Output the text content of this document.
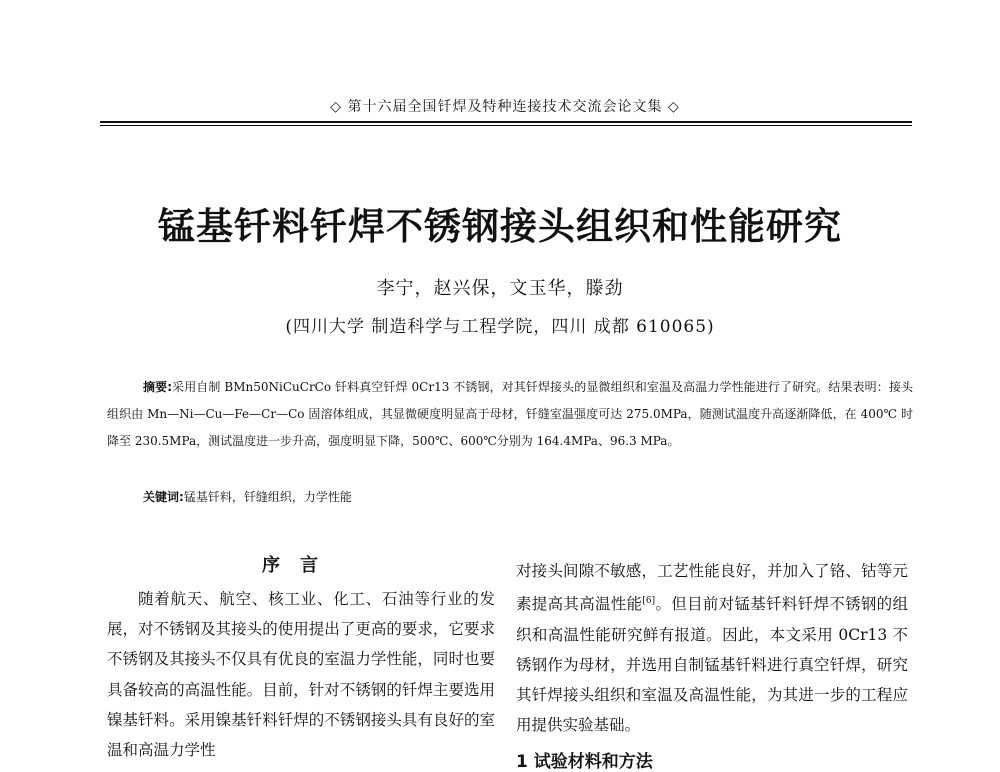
◇ 第十六届全国钎焊及特种连接技术交流会论文集 ◇
锰基钎料钎焊不锈钢接头组织和性能研究
李宁，赵兴保，文玉华，滕劲
(四川大学 制造科学与工程学院，四川 成都 610065)
摘要:采用自制 BMn50NiCuCrCo 钎料真空钎焊 0Cr13 不锈钢，对其钎焊接头的显微组织和室温及高温力学性能进行了研究。结果表明：接头组织由 Mn—Ni—Cu—Fe—Cr—Co 固溶体组成，其显微硬度明显高于母材，钎缝室温强度可达 275.0MPa，随测试温度升高逐渐降低，在 400℃ 时降至 230.5MPa，测试温度进一步升高，强度明显下降，500℃、600℃分别为 164.4MPa、96.3 MPa。
关键词:锰基钎料，钎缝组织，力学性能
序言
随着航天、航空、核工业、化工、石油等行业的发展，对不锈钢及其接头的使用提出了更高的要求，它要求不锈钢及其接头不仅具有优良的室温力学性能，同时也要具备较高的高温性能。目前，针对不锈钢的钎焊主要选用镍基钎料。采用镍基钎料钎焊的不锈钢接头具有良好的室温和高温力学性
对接头间隙不敏感，工艺性能良好，并加入了铬、钴等元素提高其高温性能[6]。但目前对锰基钎料钎焊不锈钢的组织和高温性能研究鲜有报道。因此，本文采用 0Cr13 不锈钢作为母材，并选用自制锰基钎料进行真空钎焊，研究其钎焊接头组织和室温及高温性能，为其进一步的工程应用提供实验基础。
1 试验材料和方法
